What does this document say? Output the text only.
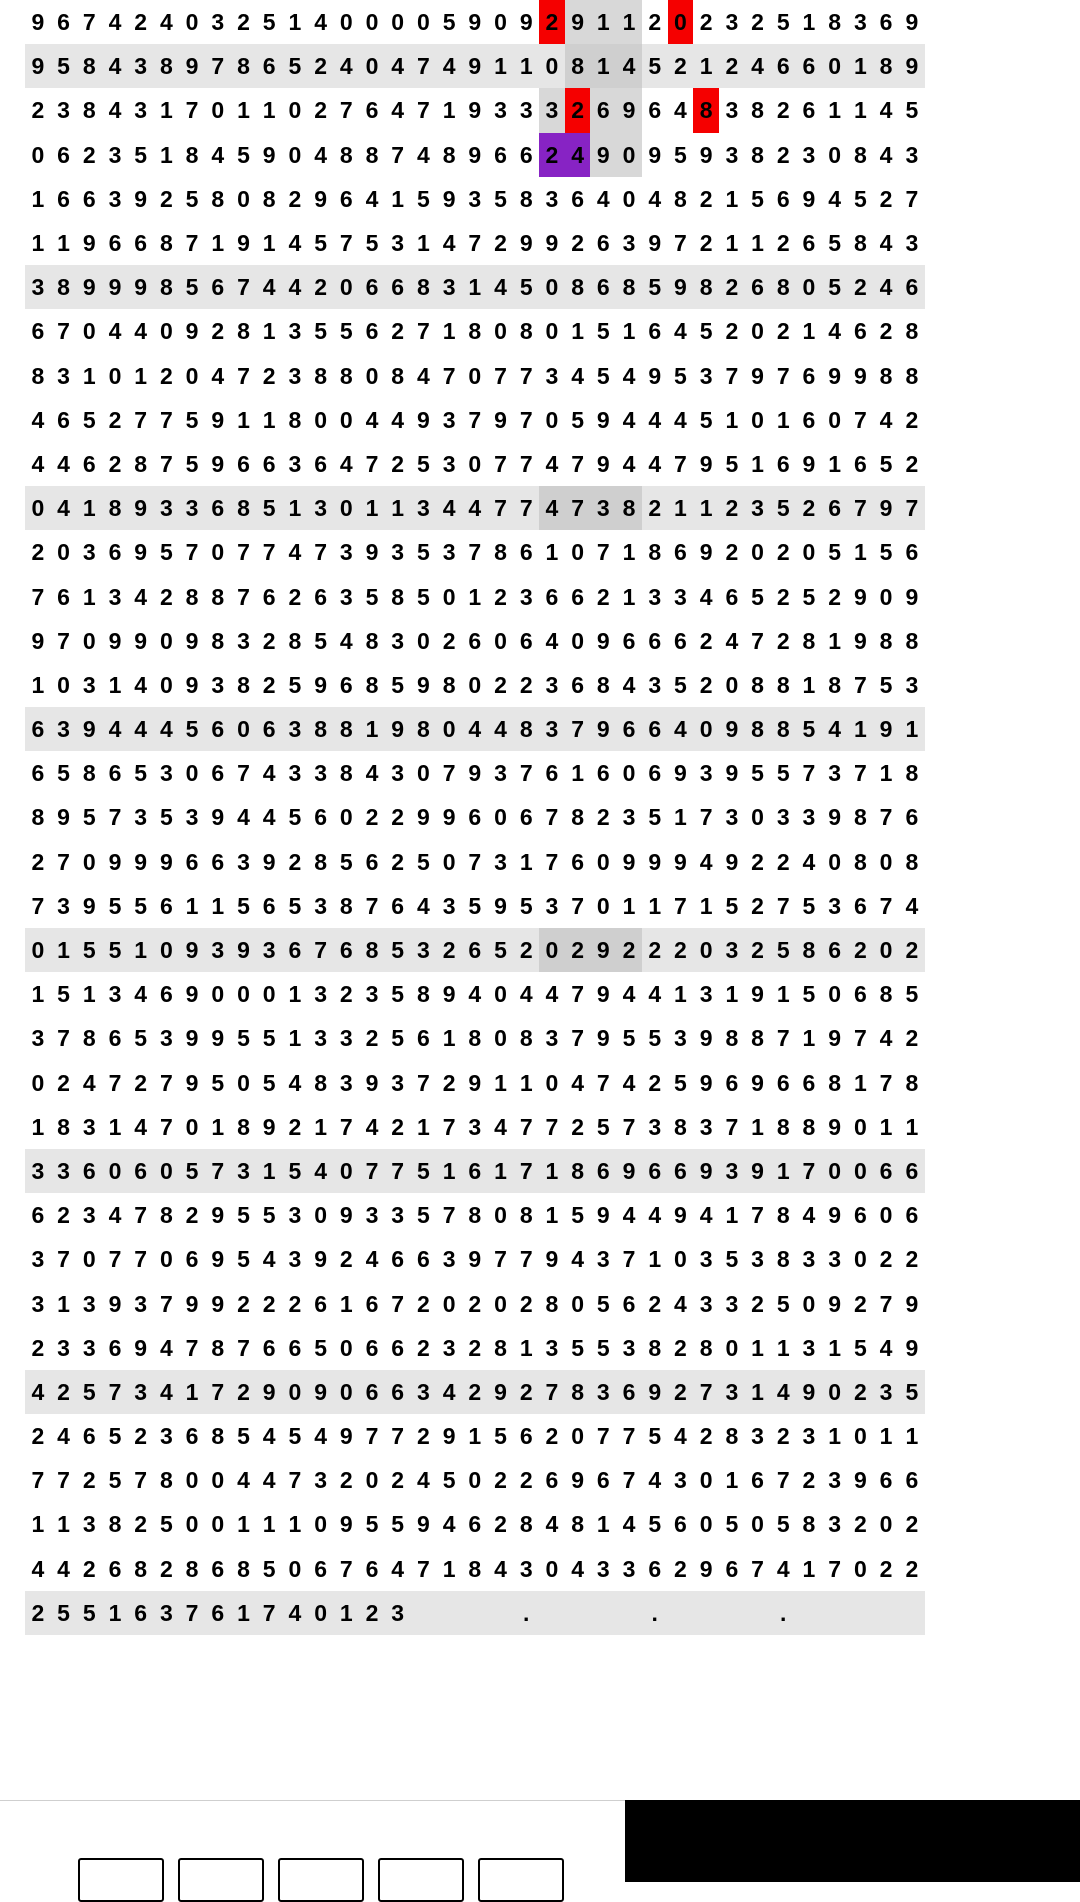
9	6	7	4	2	4	0	3	2	5	1	4	0	0	0	0	5	9	0	9	2	9	1	1	2	0	2	3	2	5	1	8	3	6	9
9	5	8	4	3	8	9	7	8	6	5	2	4	0	4	7	4	9	1	1	0	8	1	4	5	2	1	2	4	6	6	0	1	8	9
2	3	8	4	3	1	7	0	1	1	0	2	7	6	4	7	1	9	3	3	3	2	6	9	6	4	8	3	8	2	6	1	1	4	5
0	6	2	3	5	1	8	4	5	9	0	4	8	8	7	4	8	9	6	6	2	4	9	0	9	5	9	3	8	2	3	0	8	4	3
1	6	6	3	9	2	5	8	0	8	2	9	6	4	1	5	9	3	5	8	3	6	4	0	4	8	2	1	5	6	9	4	5	2	7
1	1	9	6	6	8	7	1	9	1	4	5	7	5	3	1	4	7	2	9	9	2	6	3	9	7	2	1	1	2	6	5	8	4	3
3	8	9	9	9	8	5	6	7	4	4	2	0	6	6	8	3	1	4	5	0	8	6	8	5	9	8	2	6	8	0	5	2	4	6
6	7	0	4	4	0	9	2	8	1	3	5	5	6	2	7	1	8	0	8	0	1	5	1	6	4	5	2	0	2	1	4	6	2	8
8	3	1	0	1	2	0	4	7	2	3	8	8	0	8	4	7	0	7	7	3	4	5	4	9	5	3	7	9	7	6	9	9	8	8
4	6	5	2	7	7	5	9	1	1	8	0	0	4	4	9	3	7	9	7	0	5	9	4	4	4	5	1	0	1	6	0	7	4	2
4	4	6	2	8	7	5	9	6	6	3	6	4	7	2	5	3	0	7	7	4	7	9	4	4	7	9	5	1	6	9	1	6	5	2
0	4	1	8	9	3	3	6	8	5	1	3	0	1	1	3	4	4	7	7	4	7	3	8	2	1	1	2	3	5	2	6	7	9	7
2	0	3	6	9	5	7	0	7	7	4	7	3	9	3	5	3	7	8	6	1	0	7	1	8	6	9	2	0	2	0	5	1	5	6
7	6	1	3	4	2	8	8	7	6	2	6	3	5	8	5	0	1	2	3	6	6	2	1	3	3	4	6	5	2	5	2	9	0	9
9	7	0	9	9	0	9	8	3	2	8	5	4	8	3	0	2	6	0	6	4	0	9	6	6	6	2	4	7	2	8	1	9	8	8
1	0	3	1	4	0	9	3	8	2	5	9	6	8	5	9	8	0	2	2	3	6	8	4	3	5	2	0	8	8	1	8	7	5	3
6	3	9	4	4	4	5	6	0	6	3	8	8	1	9	8	0	4	4	8	3	7	9	6	6	4	0	9	8	8	5	4	1	9	1
6	5	8	6	5	3	0	6	7	4	3	3	8	4	3	0	7	9	3	7	6	1	6	0	6	9	3	9	5	5	7	3	7	1	8
8	9	5	7	3	5	3	9	4	4	5	6	0	2	2	9	9	6	0	6	7	8	2	3	5	1	7	3	0	3	3	9	8	7	6
2	7	0	9	9	9	6	6	3	9	2	8	5	6	2	5	0	7	3	1	7	6	0	9	9	9	4	9	2	2	4	0	8	0	8
7	3	9	5	5	6	1	1	5	6	5	3	8	7	6	4	3	5	9	5	3	7	0	1	1	7	1	5	2	7	5	3	6	7	4
0	1	5	5	1	0	9	3	9	3	6	7	6	8	5	3	2	6	5	2	0	2	9	2	2	2	0	3	2	5	8	6	2	0	2
1	5	1	3	4	6	9	0	0	0	1	3	2	3	5	8	9	4	0	4	4	7	9	4	4	1	3	1	9	1	5	0	6	8	5
3	7	8	6	5	3	9	9	5	5	1	3	3	2	5	6	1	8	0	8	3	7	9	5	5	3	9	8	8	7	1	9	7	4	2
0	2	4	7	2	7	9	5	0	5	4	8	3	9	3	7	2	9	1	1	0	4	7	4	2	5	9	6	9	6	6	8	1	7	8
1	8	3	1	4	7	0	1	8	9	2	1	7	4	2	1	7	3	4	7	7	2	5	7	3	8	3	7	1	8	8	9	0	1	1
3	3	6	0	6	0	5	7	3	1	5	4	0	7	7	5	1	6	1	7	1	8	6	9	6	6	9	3	9	1	7	0	0	6	6
6	2	3	4	7	8	2	9	5	5	3	0	9	3	3	5	7	8	0	8	1	5	9	4	4	9	4	1	7	8	4	9	6	0	6
3	7	0	7	7	0	6	9	5	4	3	9	2	4	6	6	3	9	7	7	9	4	3	7	1	0	3	5	3	8	3	3	0	2	2
3	1	3	9	3	7	9	9	2	2	2	6	1	6	7	2	0	2	0	2	8	0	5	6	2	4	3	3	2	5	0	9	2	7	9
2	3	3	6	9	4	7	8	7	6	6	5	0	6	6	2	3	2	8	1	3	5	5	3	8	2	8	0	1	1	3	1	5	4	9
4	2	5	7	3	4	1	7	2	9	0	9	0	6	6	3	4	2	9	2	7	8	3	6	9	2	7	3	1	4	9	0	2	3	5
2	4	6	5	2	3	6	8	5	4	5	4	9	7	7	2	9	1	5	6	2	0	7	7	5	4	2	8	3	2	3	1	0	1	1
7	7	2	5	7	8	0	0	4	4	7	3	2	0	2	4	5	0	2	2	6	9	6	7	4	3	0	1	6	7	2	3	9	6	6
1	1	3	8	2	5	0	0	1	1	1	0	9	5	5	9	4	6	2	8	4	8	1	4	5	6	0	5	0	5	8	3	2	0	2
4	4	2	6	8	2	8	6	8	5	0	6	7	6	4	7	1	8	4	3	0	4	3	3	6	2	9	6	7	4	1	7	0	2	2
2	5	5	1	6	3	7	6	1	7	4	0	1	2	3					.					.					.					
